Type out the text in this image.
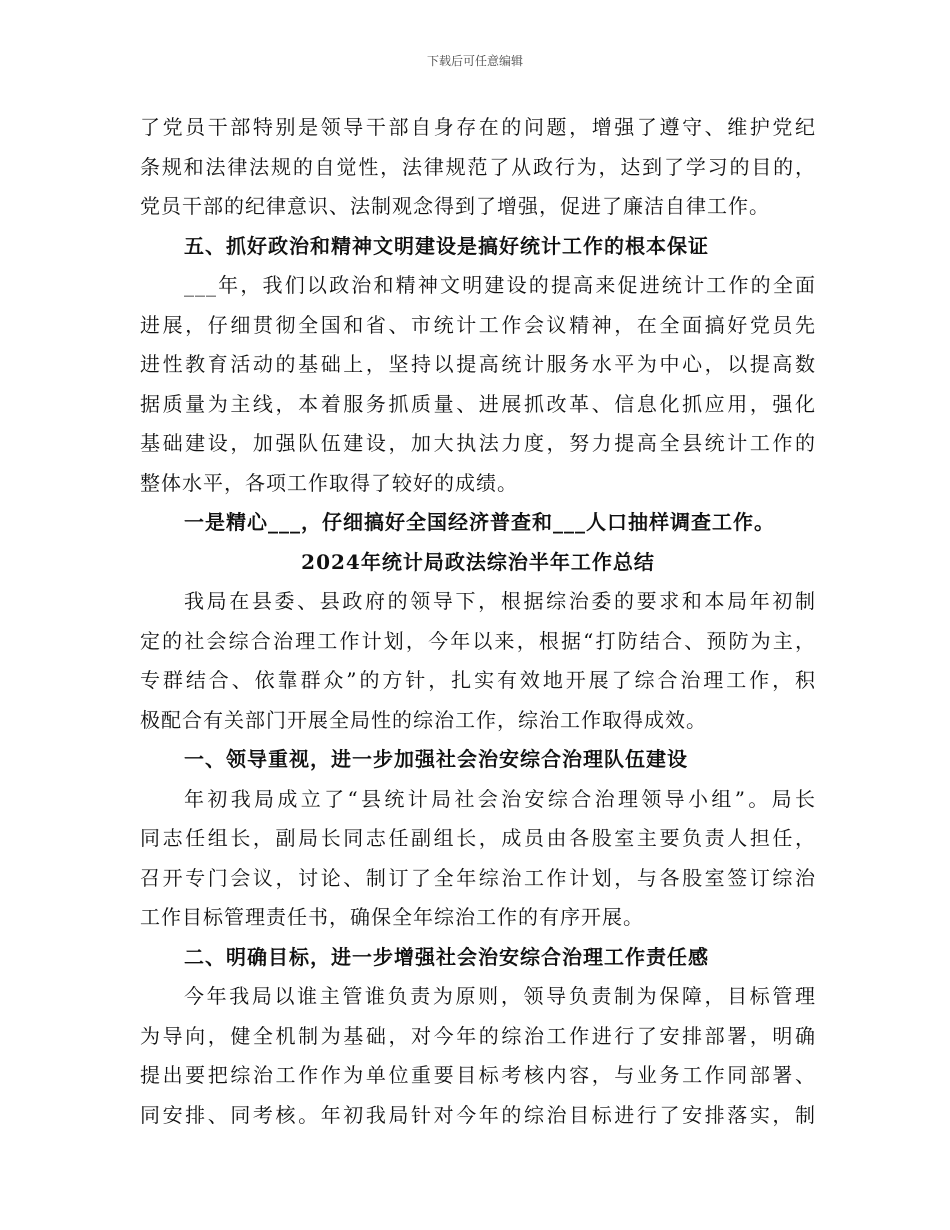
下载后可任意编辑
了党员干部特别是领导干部自身存在的问题，增强了遵守、维护党纪
条规和法律法规的自觉性，法律规范了从政行为，达到了学习的目的，
党员干部的纪律意识、法制观念得到了增强，促进了廉洁自律工作。
五、抓好政治和精神文明建设是搞好统计工作的根本保证
___年，我们以政治和精神文明建设的提高来促进统计工作的全面
进展，仔细贯彻全国和省、市统计工作会议精神，在全面搞好党员先
进性教育活动的基础上，坚持以提高统计服务水平为中心，以提高数
据质量为主线，本着服务抓质量、进展抓改革、信息化抓应用，强化
基础建设，加强队伍建设，加大执法力度，努力提高全县统计工作的
整体水平，各项工作取得了较好的成绩。
一是精心___，仔细搞好全国经济普查和___人口抽样调查工作。
2024年统计局政法综治半年工作总结
我局在县委、县政府的领导下，根据综治委的要求和本局年初制
定的社会综合治理工作计划，今年以来，根据“打防结合、预防为主，
专群结合、依靠群众”的方针，扎实有效地开展了综合治理工作，积
极配合有关部门开展全局性的综治工作，综治工作取得成效。
一、领导重视，进一步加强社会治安综合治理队伍建设
年初我局成立了“县统计局社会治安综合治理领导小组”。局长
同志任组长，副局长同志任副组长，成员由各股室主要负责人担任，
召开专门会议，讨论、制订了全年综治工作计划，与各股室签订综治
工作目标管理责任书，确保全年综治工作的有序开展。
二、明确目标，进一步增强社会治安综合治理工作责任感
今年我局以谁主管谁负责为原则，领导负责制为保障，目标管理
为导向，健全机制为基础，对今年的综治工作进行了安排部署，明确
提出要把综治工作作为单位重要目标考核内容，与业务工作同部署、
同安排、同考核。年初我局针对今年的综治目标进行了安排落实，制
